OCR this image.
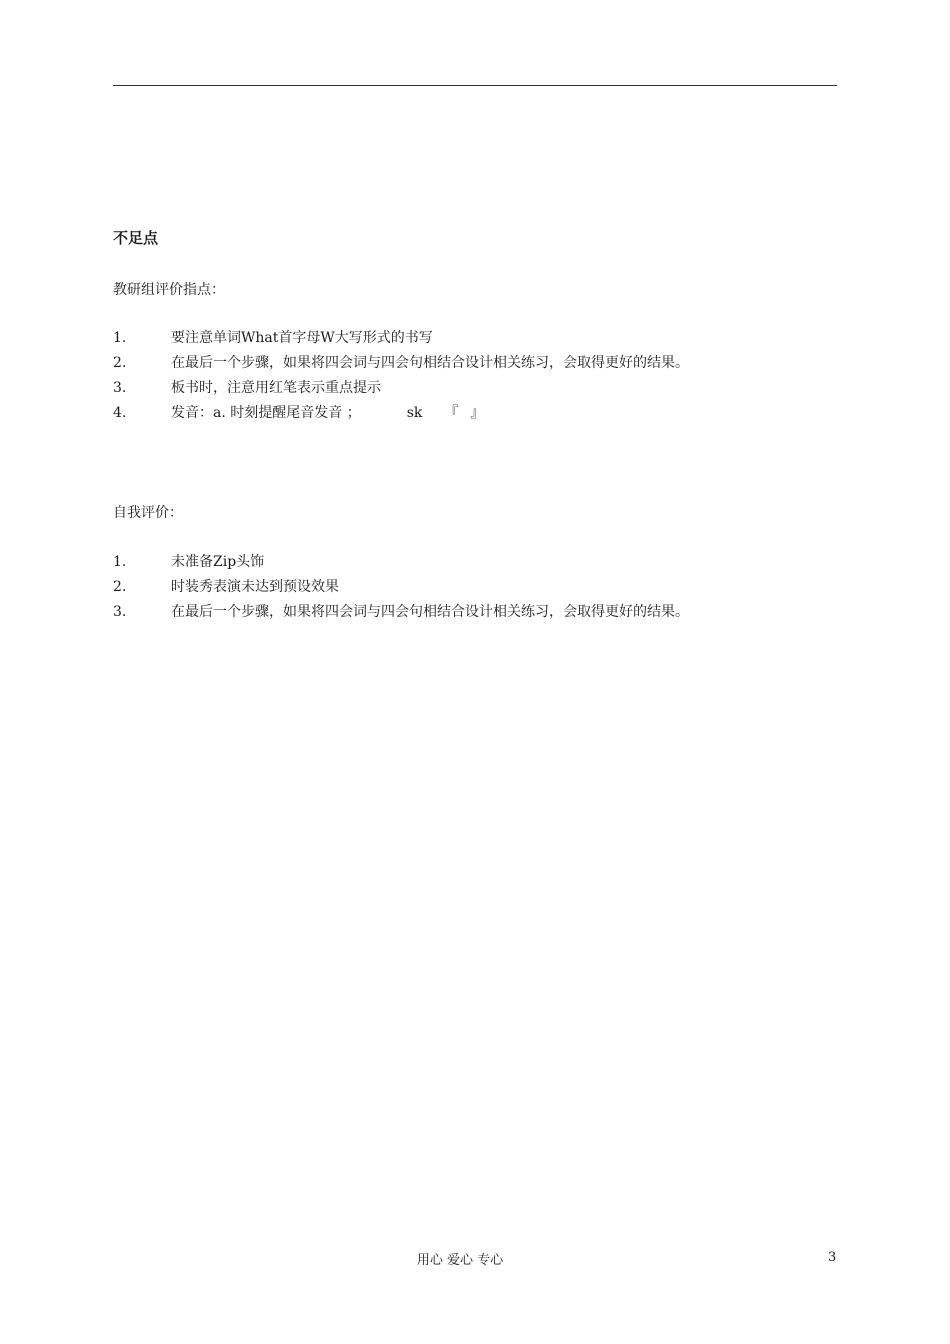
不足点
教研组评价指点：
1.	要注意单词What首字母W大写形式的书写
2.	在最后一个步骤，如果将四会词与四会句相结合设计相关练习，会取得更好的结果。
3.	板书时，注意用红笔表示重点提示
4.	发音：a. 时刻提醒尾音发音 ；	sk 『 』
自我评价：
1.	未准备Zip头饰
2.	时装秀表演未达到预设效果
3.	在最后一个步骤，如果将四会词与四会句相结合设计相关练习，会取得更好的结果。
用心 爱心 专心	3
